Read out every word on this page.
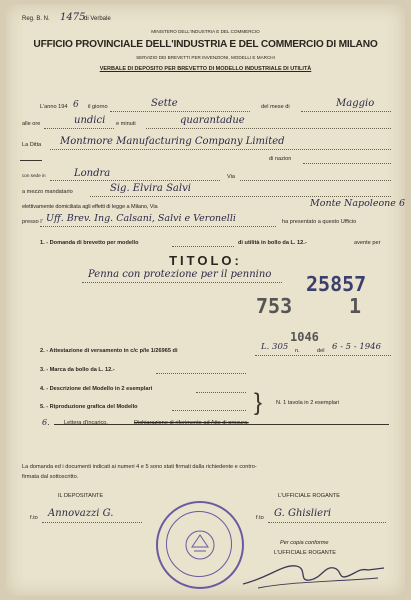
Reg. B. N. 1475
di Verbale
MINISTERO DELL'INDUSTRIA E DEL COMMERCIO
UFFICIO PROVINCIALE DELL'INDUSTRIA E DEL COMMERCIO DI MILANO
SERVIZIO DEI BREVETTI PER INVENZIONI, MODELLI E MARCHI
VERBALE DI DEPOSITO PER BREVETTO DI MODELLO INDUSTRIALE DI UTILITÀ
L'anno 194 6 il giorno	Sette	del mese di	Maggio
alle ore	undici e minuti	quarantadue
La Ditta Montmore Manufacturing Company Limited
di nazion
con sede in	Londra	Via
a mezzo mandatario	Sig. Elvira Salvi
elettivamente domiciliata agli effetti di legge a Milano, Via	Monte Napoleone 6
presso l' Uff. Brev. Ing. Calsani, Salvi e Veronelli	ha presentato a questo Ufficio
1. - Domanda di brevetto per modello	di utilità in bollo da L. 12.-	avente per
TITOLO:
Penna con protezione per il pennino 25857
753	1
2. - Attestazione di versamento in c/c p/le 1/26965 di	L. 305 n.
1046
del 6 - 5 - 1946
3. - Marca da bollo da L. 12.-
4. - Descrizione del Modello in 2 esemplari
5. - Riproduzione grafica del Modello	} N. 1 tavola in 2 esemplari
6.	Lettera d'incarico.	Dichiarazione di riferimento ad Atto di procura.
La domanda ed i documenti indicati ai numeri 4 e 5 sono stati firmati dalla richiedente e contro-
firmata dal sottoscritto.
IL DEPOSITANTE	L'UFFICIALE ROGANTE
f.to Annovazzi G.	f.to G. Ghislieri
Per copia conforme
L'UFFICIALE ROGANTE
